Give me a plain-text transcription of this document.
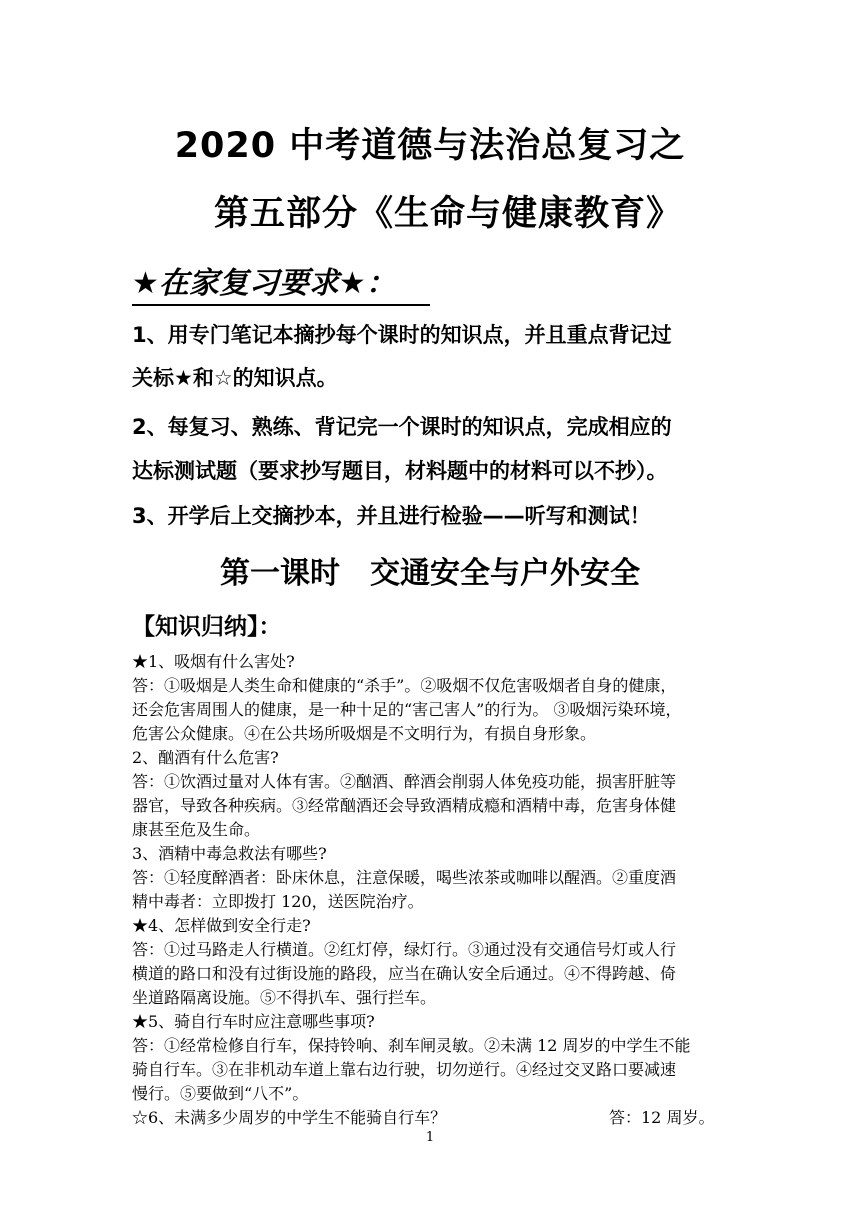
2020 中考道德与法治总复习之
第五部分《生命与健康教育》
★在家复习要求★：
1、用专门笔记本摘抄每个课时的知识点，并且重点背记过
关标★和☆的知识点。
2、每复习、熟练、背记完一个课时的知识点，完成相应的
达标测试题（要求抄写题目，材料题中的材料可以不抄）。
3、开学后上交摘抄本，并且进行检验——听写和测试！
第一课时　交通安全与户外安全
【知识归纳】：

★1、吸烟有什么害处?

答：①吸烟是人类生命和健康的“杀手”。②吸烟不仅危害吸烟者自身的健康，

还会危害周围人的健康，是一种十足的“害己害人”的行为。 ③吸烟污染环境，

危害公众健康。④在公共场所吸烟是不文明行为，有损自身形象。

2、酗酒有什么危害?

答：①饮酒过量对人体有害。②酗酒、醉酒会削弱人体免疫功能，损害肝脏等

器官，导致各种疾病。③经常酗酒还会导致酒精成瘾和酒精中毒，危害身体健

康甚至危及生命。

3、酒精中毒急救法有哪些?

答：①轻度醉酒者：卧床休息，注意保暖，喝些浓茶或咖啡以醒酒。②重度酒

精中毒者：立即拨打 120，送医院治疗。

★4、怎样做到安全行走?

答：①过马路走人行横道。②红灯停，绿灯行。③通过没有交通信号灯或人行

横道的路口和没有过街设施的路段，应当在确认安全后通过。④不得跨越、倚

坐道路隔离设施。⑤不得扒车、强行拦车。

★5、骑自行车时应注意哪些事项?

答：①经常检修自行车，保持铃响、刹车闸灵敏。②未满 12 周岁的中学生不能

骑自行车。③在非机动车道上靠右边行驶，切勿逆行。④经过交叉路口要减速

慢行。⑤要做到“八不”。

☆6、未满多少周岁的中学生不能骑自行车？	答：12 周岁。

1
